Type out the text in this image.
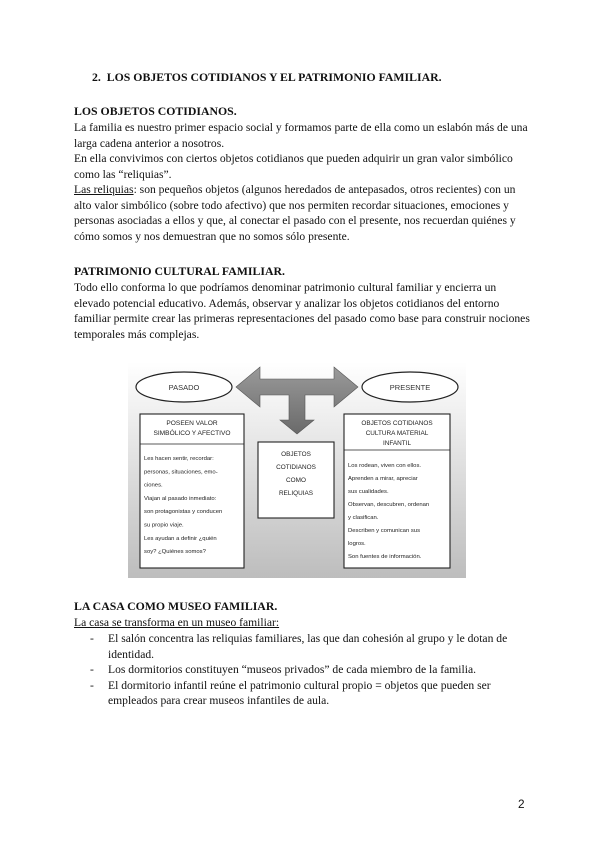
2.  LOS OBJETOS COTIDIANOS Y EL PATRIMONIO FAMILIAR.
LOS OBJETOS COTIDIANOS.
La familia es nuestro primer espacio social y formamos parte de ella como un eslabón más de una larga cadena anterior a nosotros.
En ella convivimos con ciertos objetos cotidianos que pueden adquirir un gran valor simbólico como las “reliquias”.
Las reliquias: son pequeños objetos (algunos heredados de antepasados, otros recientes) con un alto valor simbólico (sobre todo afectivo) que nos permiten recordar situaciones, emociones y personas asociadas a ellos y que, al conectar el pasado con el presente, nos recuerdan quiénes y cómo somos y nos demuestran que no somos sólo presente.
PATRIMONIO CULTURAL FAMILIAR.
Todo ello conforma lo que podríamos denominar patrimonio cultural familiar y encierra un elevado potencial educativo. Además, observar y analizar los objetos cotidianos del entorno familiar permite crear las primeras representaciones del pasado como base para construir nociones temporales más complejas.
PASADO	PRESENTE
POSEEN VALOR
SIMBÓLICO Y AFECTIVO
Les hacen sentir, recordar:
personas, situaciones, emo-
ciones.
Viajan al pasado inmediato:
son protagonistas y conducen
su propio viaje.
Les ayudan a definir ¿quién
soy? ¿Quiénes somos?
OBJETOS
COTIDIANOS
COMO
RELIQUIAS
OBJETOS COTIDIANOS
CULTURA MATERIAL
INFANTIL
Los rodean, viven con ellos.
Aprenden a mirar, apreciar
sus cualidades.
Observan, descubren, ordenan
y clasifican.
Describen y comunican sus
logros.
Son fuentes de información.
LA CASA COMO MUSEO FAMILIAR.
La casa se transforma en un museo familiar:
- El salón concentra las reliquias familiares, las que dan cohesión al grupo y le dotan de identidad.
- Los dormitorios constituyen “museos privados” de cada miembro de la familia.
- El dormitorio infantil reúne el patrimonio cultural propio = objetos que pueden ser empleados para crear museos infantiles de aula.
2
